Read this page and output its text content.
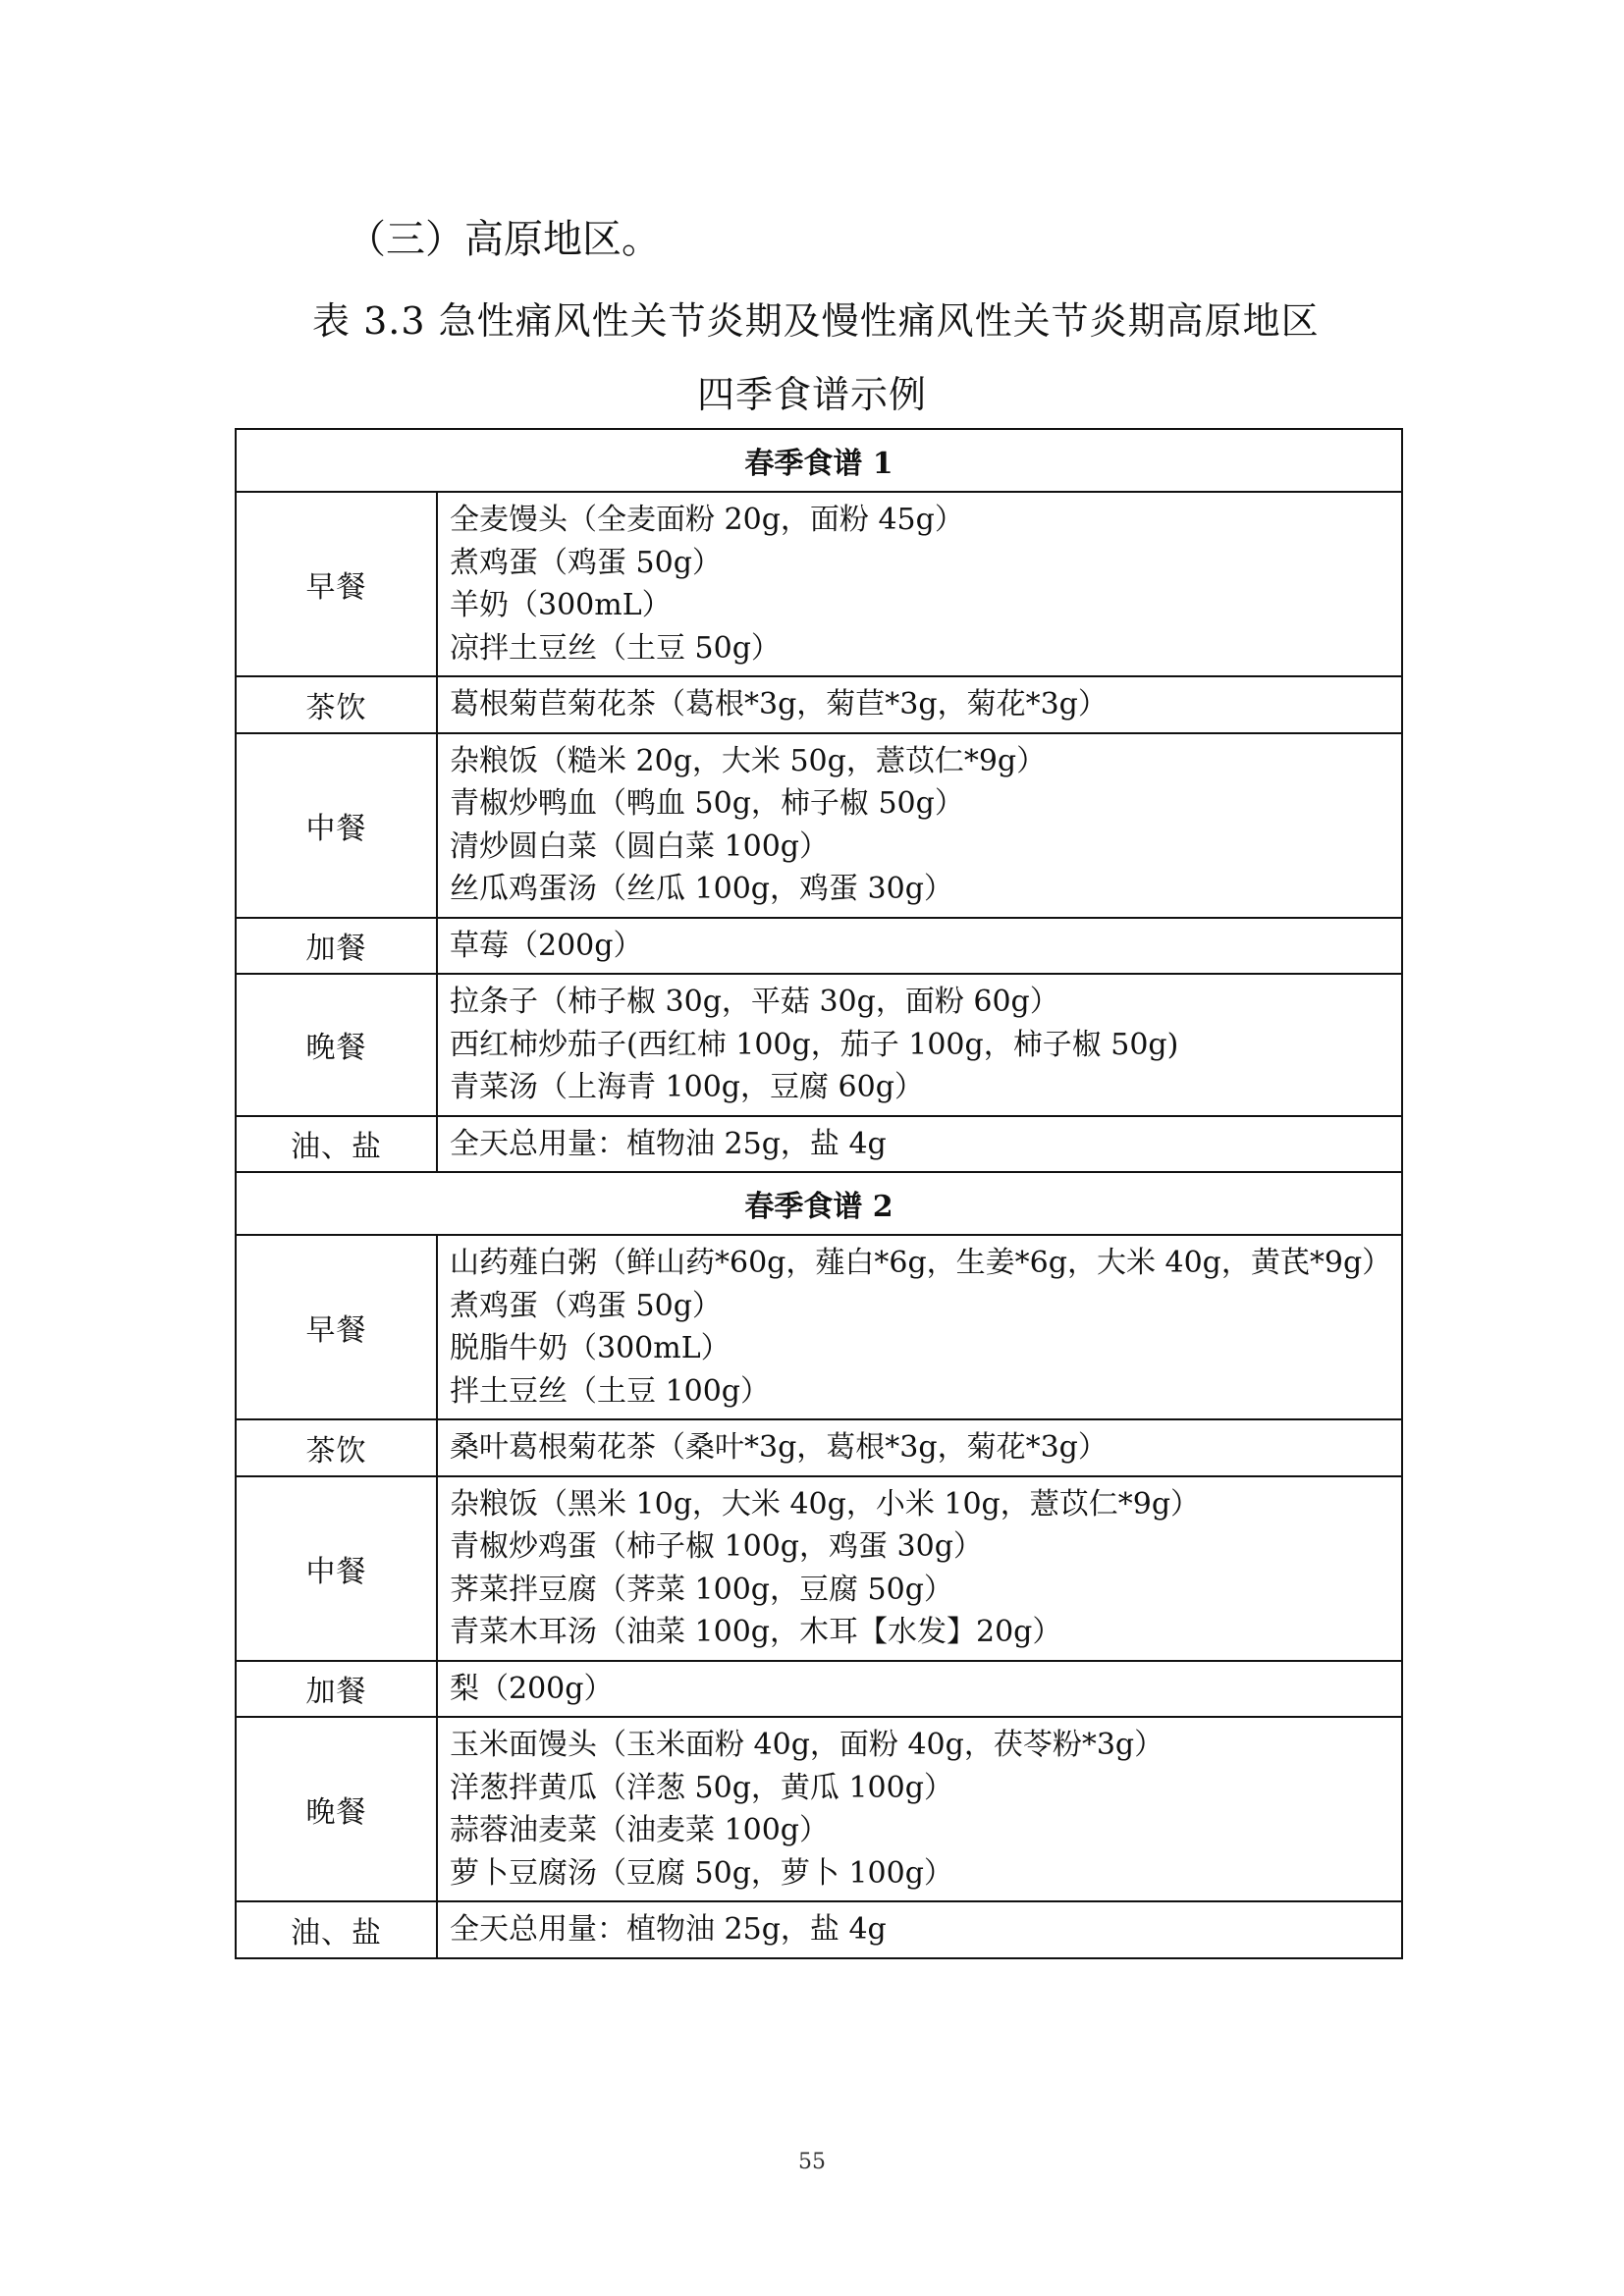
（三）高原地区。
表 3.3 急性痛风性关节炎期及慢性痛风性关节炎期高原地区
四季食谱示例
春季食谱 1	
早餐	全麦馒头（全麦面粉 20g，面粉 45g）
煮鸡蛋（鸡蛋 50g）
羊奶（300mL）
凉拌土豆丝（土豆 50g）

茶饮	葛根菊苣菊花茶（葛根*3g，菊苣*3g，菊花*3g）

中餐	杂粮饭（糙米 20g，大米 50g，薏苡仁*9g）
青椒炒鸭血（鸭血 50g，柿子椒 50g）
清炒圆白菜（圆白菜 100g）
丝瓜鸡蛋汤（丝瓜 100g，鸡蛋 30g）

加餐	草莓（200g）

晚餐	拉条子（柿子椒 30g，平菇 30g，面粉 60g）
西红柿炒茄子(西红柿 100g，茄子 100g，柿子椒 50g)
青菜汤（上海青 100g，豆腐 60g）

油、盐	全天总用量：植物油 25g，盐 4g

春季食谱 2	
早餐	山药薤白粥（鲜山药*60g，薤白*6g，生姜*6g，大米 40g，黄芪*9g）
煮鸡蛋（鸡蛋 50g）
脱脂牛奶（300mL）
拌土豆丝（土豆 100g）

茶饮	桑叶葛根菊花茶（桑叶*3g，葛根*3g，菊花*3g）

中餐	杂粮饭（黑米 10g，大米 40g，小米 10g，薏苡仁*9g）
青椒炒鸡蛋（柿子椒 100g，鸡蛋 30g）
荠菜拌豆腐（荠菜 100g，豆腐 50g）
青菜木耳汤（油菜 100g，木耳【水发】20g）

加餐	梨（200g）

晚餐	玉米面馒头（玉米面粉 40g，面粉 40g，茯苓粉*3g）
洋葱拌黄瓜（洋葱 50g，黄瓜 100g）
蒜蓉油麦菜（油麦菜 100g）
萝卜豆腐汤（豆腐 50g，萝卜 100g）

油、盐	全天总用量：植物油 25g，盐 4g
55
